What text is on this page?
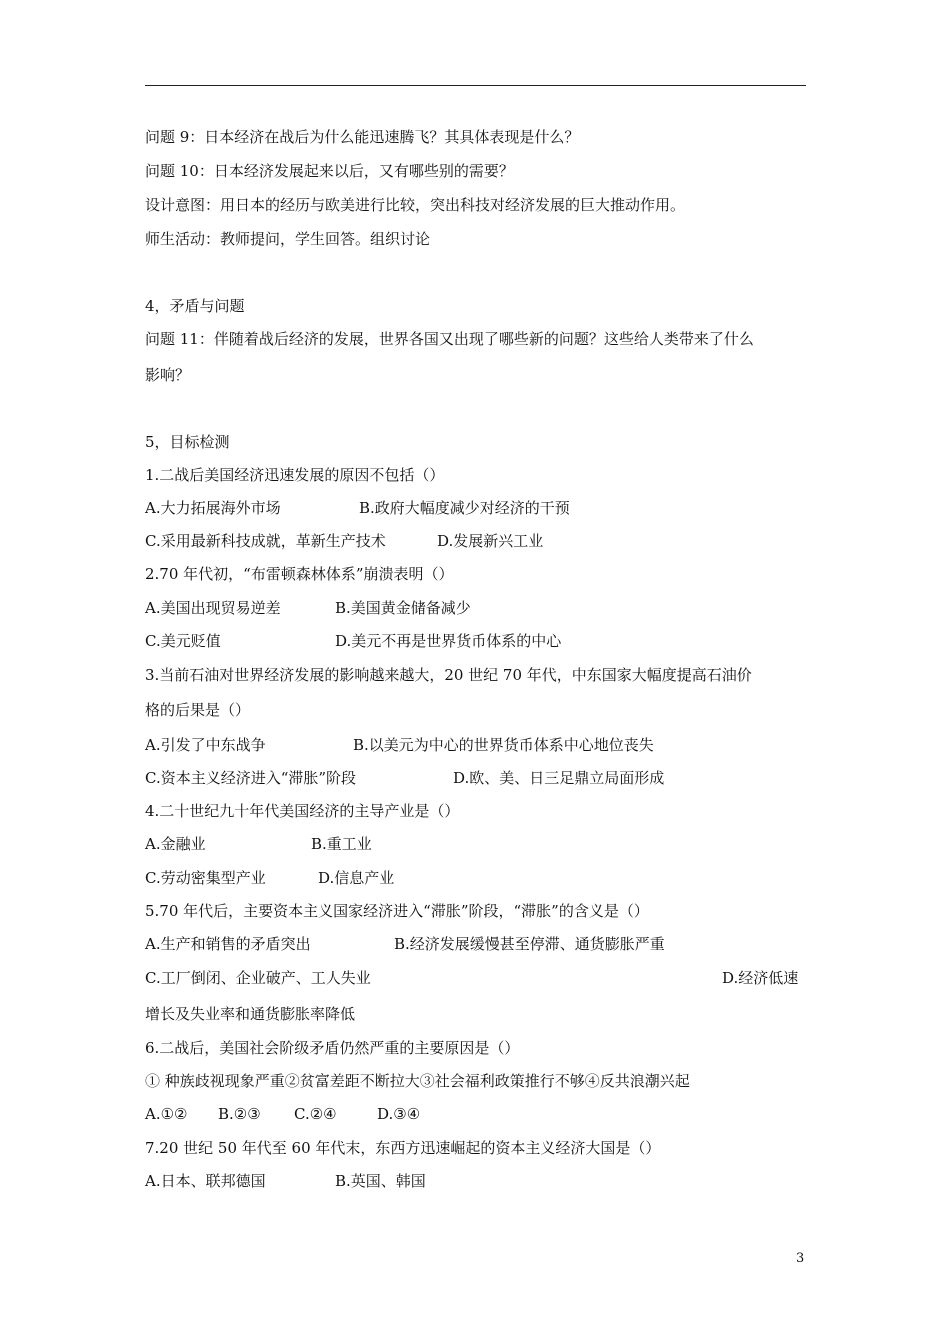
问题 9：日本经济在战后为什么能迅速腾飞？其具体表现是什么？
问题 10：日本经济发展起来以后，又有哪些别的需要？
设计意图：用日本的经历与欧美进行比较，突出科技对经济发展的巨大推动作用。
师生活动：教师提问，学生回答。组织讨论
4，矛盾与问题
问题 11：伴随着战后经济的发展，世界各国又出现了哪些新的问题？这些给人类带来了什么
影响？
5，目标检测
1.二战后美国经济迅速发展的原因不包括（）
A.大力拓展海外市场	B.政府大幅度减少对经济的干预
C.采用最新科技成就，革新生产技术	D.发展新兴工业
2.70 年代初，“布雷顿森林体系”崩溃表明（）
A.美国出现贸易逆差	B.美国黄金储备减少
C.美元贬值	D.美元不再是世界货币体系的中心
3.当前石油对世界经济发展的影响越来越大，20 世纪 70 年代，中东国家大幅度提高石油价
格的后果是（）
A.引发了中东战争	B.以美元为中心的世界货币体系中心地位丧失
C.资本主义经济进入“滞胀”阶段	D.欧、美、日三足鼎立局面形成
4.二十世纪九十年代美国经济的主导产业是（）
A.金融业	B.重工业
C.劳动密集型产业	D.信息产业
5.70 年代后，主要资本主义国家经济进入“滞胀”阶段，“滞胀”的含义是（）
A.生产和销售的矛盾突出	B.经济发展缓慢甚至停滞、通货膨胀严重
C.工厂倒闭、企业破产、工人失业	D.经济低速
增长及失业率和通货膨胀率降低
6.二战后，美国社会阶级矛盾仍然严重的主要原因是（）
① 种族歧视现象严重②贫富差距不断拉大③社会福利政策推行不够④反共浪潮兴起
A.①② B.②③ C.②④	D.③④
7.20 世纪 50 年代至 60 年代末，东西方迅速崛起的资本主义经济大国是（）
A.日本、联邦德国	B.英国、韩国
3
